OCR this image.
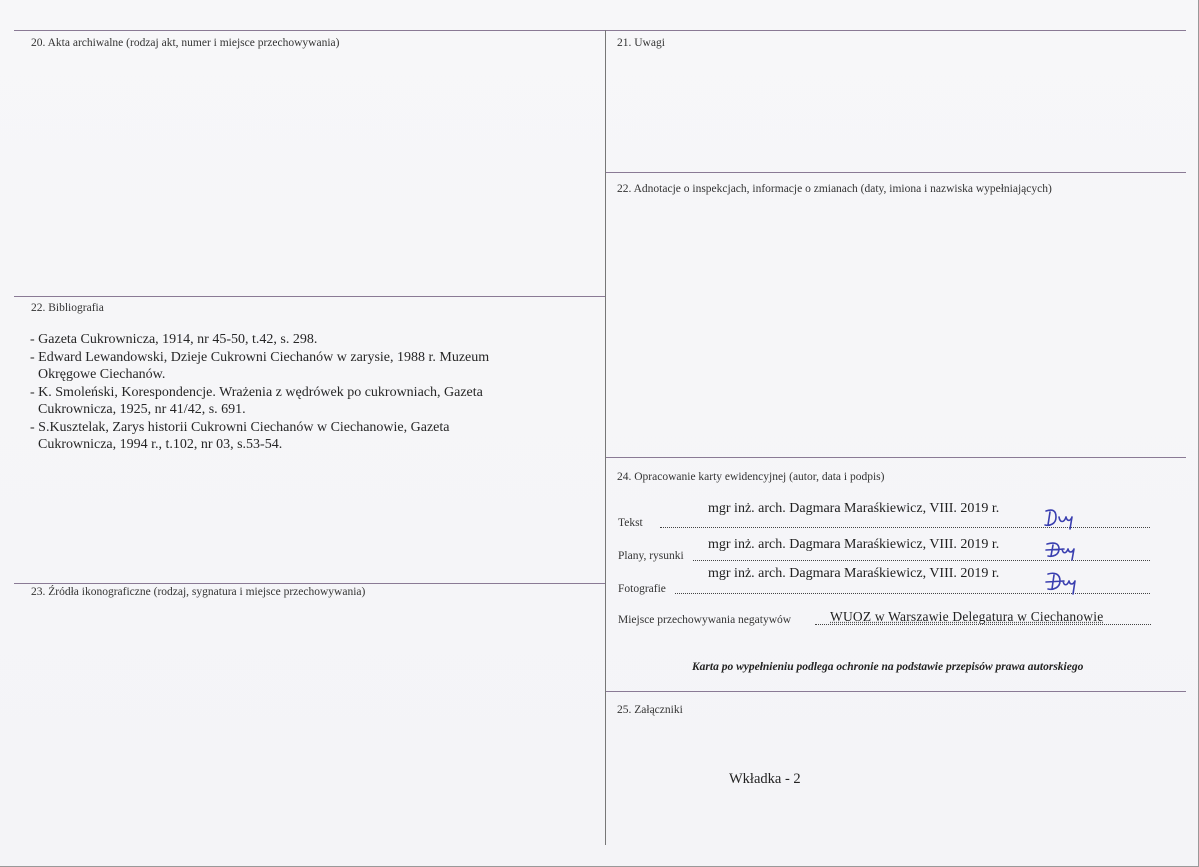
20. Akta archiwalne (rodzaj akt, numer i miejsce przechowywania)	21. Uwagi
22. Adnotacje o inspekcjach, informacje o zmianach (daty, imiona i nazwiska wypełniających)
22. Bibliografia
23. Źródła ikonograficzne (rodzaj, sygnatura i miejsce przechowywania)
24. Opracowanie karty ewidencyjnej (autor, data i podpis)
25. Załączniki
- Gazeta Cukrownicza, 1914, nr 45-50, t.42, s. 298.
- Edward Lewandowski, Dzieje Cukrowni Ciechanów w zarysie, 1988 r. Muzeum
Okręgowe Ciechanów.
- K. Smoleński, Korespondencje. Wrażenia z wędrówek po cukrowniach, Gazeta
Cukrownicza, 1925, nr 41/42, s. 691.
- S.Kusztelak, Zarys historii Cukrowni Ciechanów w Ciechanowie, Gazeta
Cukrownicza, 1994 r., t.102, nr 03, s.53-54.
mgr inż. arch. Dagmara Maraśkiewicz, VIII. 2019 r.
Tekst
mgr inż. arch. Dagmara Maraśkiewicz, VIII. 2019 r.
Plany, rysunki
mgr inż. arch. Dagmara Maraśkiewicz, VIII. 2019 r.
Fotografie
Miejsce przechowywania negatywów	WUOZ w Warszawie Delegatura w Ciechanowie
Karta po wypełnieniu podlega ochronie na podstawie przepisów prawa autorskiego
Wkładka - 2
